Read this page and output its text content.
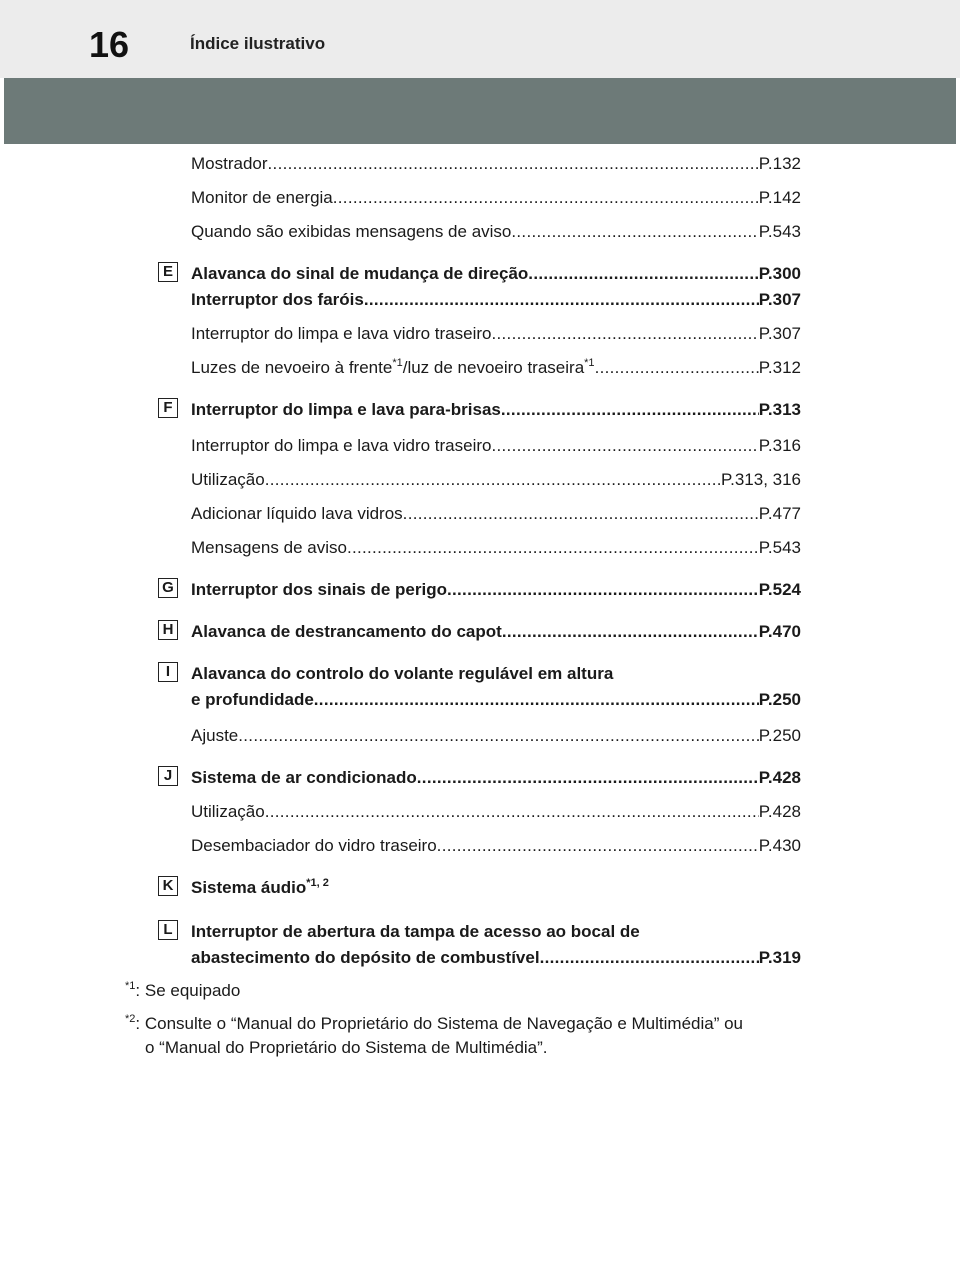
16	Índice ilustrativo
Mostrador .....	P.132
Monitor de energia .....	P.142
Quando são exibidas mensagens de aviso .....	P.543
E Alavanca do sinal de mudança de direção .....	P.300
Interruptor dos faróis .....	P.307
Interruptor do limpa e lava vidro traseiro .....	P.307
Luzes de nevoeiro à frente$^{*1}$/luz de nevoeiro traseira$^{*1}$ .....	P.312
F	Interruptor do limpa e lava para-brisas .....	P.313
Interruptor do limpa e lava vidro traseiro .....	P.316
Utilização .....	P.313, 316
Adicionar líquido lava vidros .....	P.477
Mensagens de aviso .....	P.543
G Interruptor dos sinais de perigo .....	P.524
H Alavanca de destrancamento do capot .....	P.470
I	Alavanca do controlo do volante regulável em altura
e profundidade .....	P.250
Ajuste .....	P.250
J	Sistema de ar condicionado .....	P.428
Utilização .....	P.428
Desembaciador do vidro traseiro .....	P.430
K Sistema áudio$^{*1, 2}$
L	Interruptor de abertura da tampa de acesso ao bocal de
abastecimento do depósito de combustível .....	P.319
$^{*1}$: Se equipado
$^{*2}$: Consulte o “Manual do Proprietário do Sistema de Navegação e Multimédia” ou
o “Manual do Proprietário do Sistema de Multimédia”.
